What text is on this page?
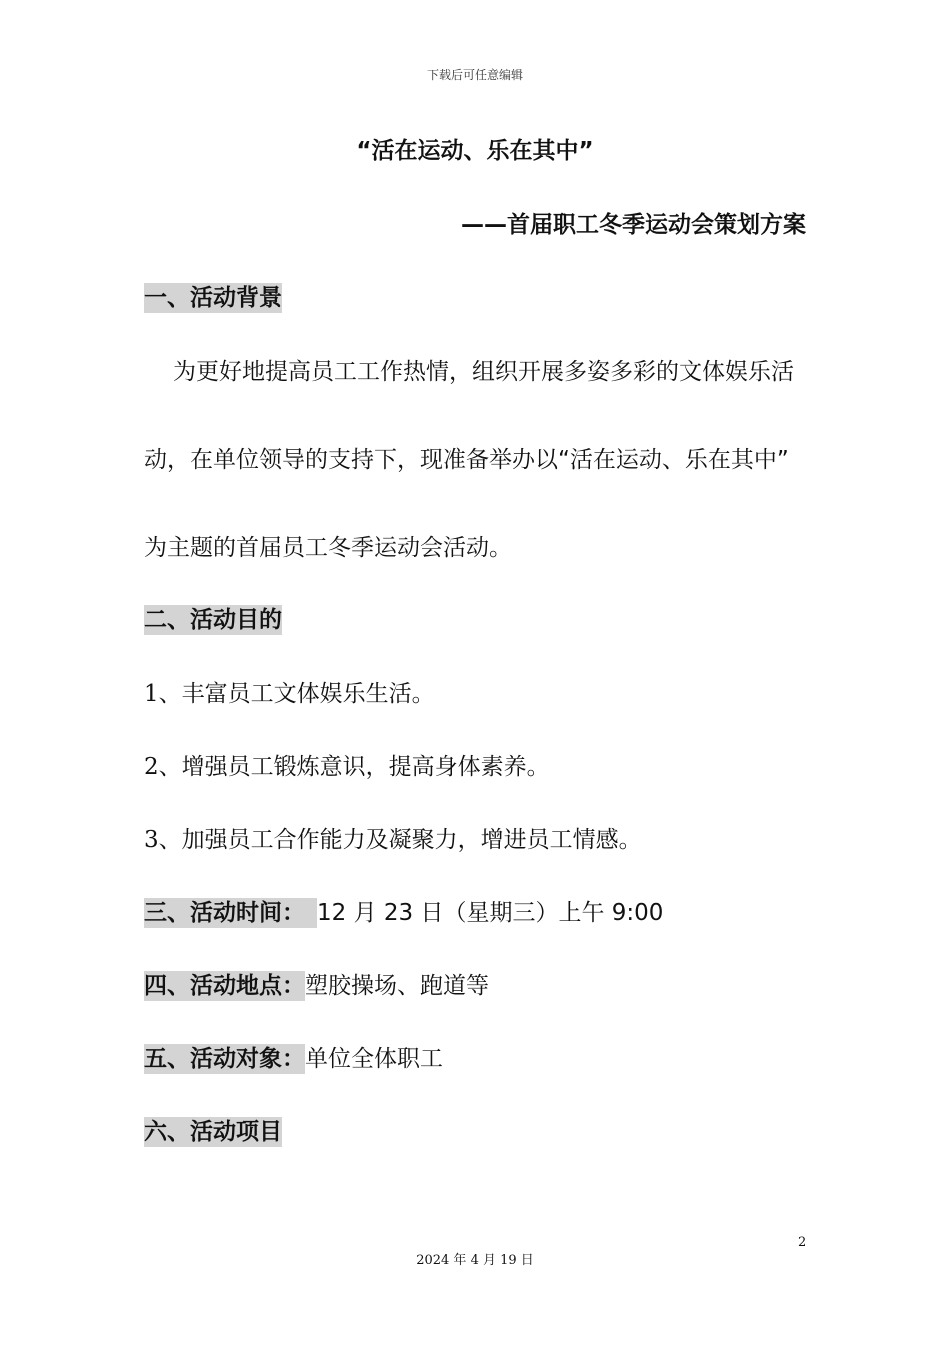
下载后可任意编辑
“活在运动、乐在其中”
——首届职工冬季运动会策划方案
一、活动背景
为更好地提高员工工作热情，组织开展多姿多彩的文体娱乐活
动，在单位领导的支持下，现准备举办以“活在运动、乐在其中”
为主题的首届员工冬季运动会活动。
二、活动目的
1、丰富员工文体娱乐生活。
2、增强员工锻炼意识，提高身体素养。
3、加强员工合作能力及凝聚力，增进员工情感。
三、活动时间： 12 月 23 日（星期三）上午 9:00
四、活动地点：塑胶操场、跑道等
五、活动对象：单位全体职工
六、活动项目
2
2024 年 4 月 19 日
